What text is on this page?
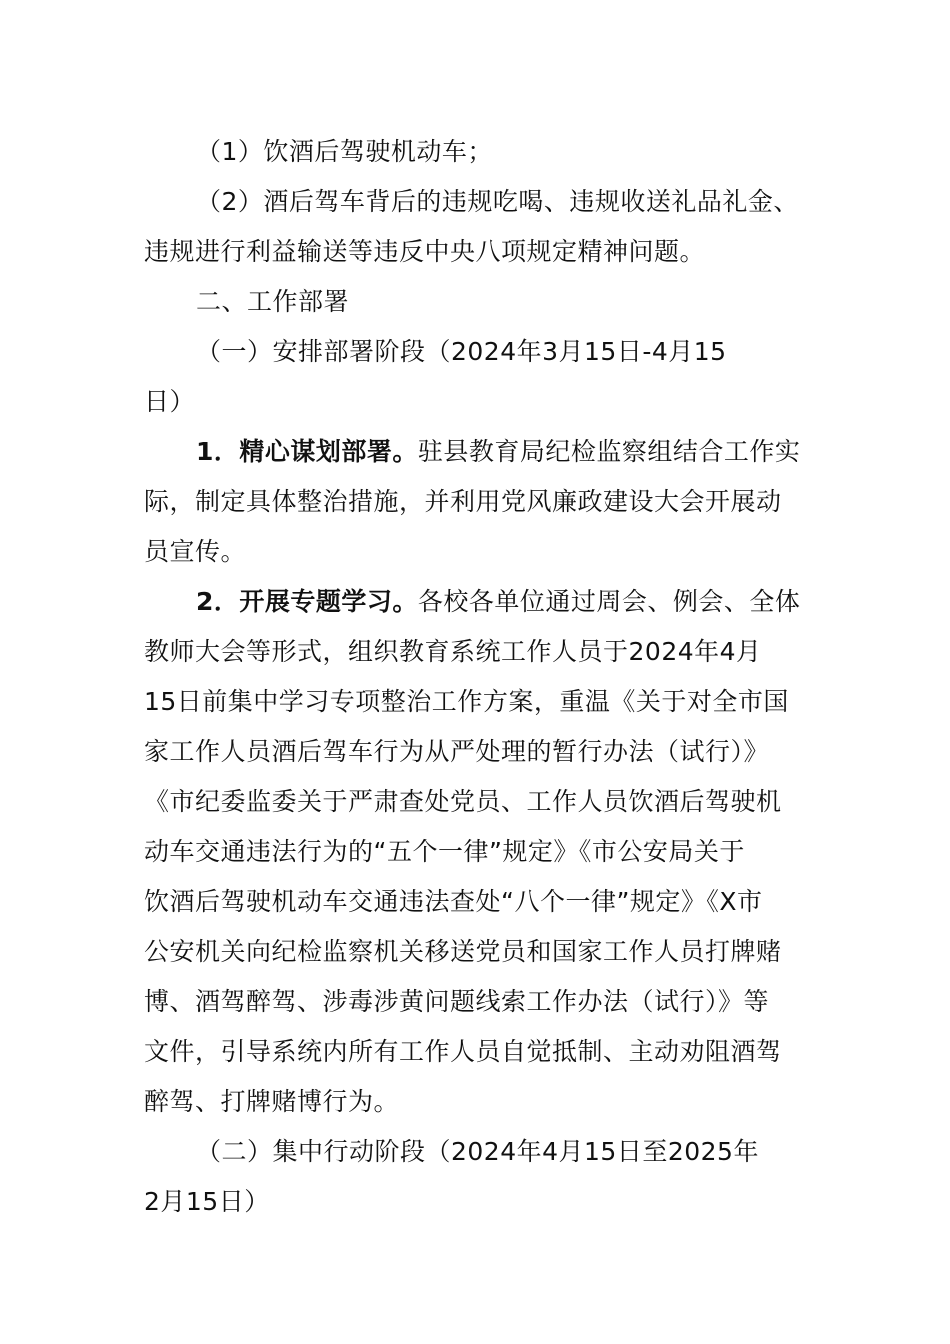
（1）饮酒后驾驶机动车；
（2）酒后驾车背后的违规吃喝、违规收送礼品礼金、
违规进行利益输送等违反中央八项规定精神问题。
二、工作部署
（一）安排部署阶段（2024年3月15日-4月15
日）
1．精心谋划部署。驻县教育局纪检监察组结合工作实
际，制定具体整治措施，并利用党风廉政建设大会开展动
员宣传。
2．开展专题学习。各校各单位通过周会、例会、全体
教师大会等形式，组织教育系统工作人员于2024年4月
15日前集中学习专项整治工作方案，重温《关于对全市国
家工作人员酒后驾车行为从严处理的暂行办法（试行）》
《市纪委监委关于严肃查处党员、工作人员饮酒后驾驶机
动车交通违法行为的“五个一律”规定》《市公安局关于
饮酒后驾驶机动车交通违法查处“八个一律”规定》《X市
公安机关向纪检监察机关移送党员和国家工作人员打牌赌
博、酒驾醉驾、涉毒涉黄问题线索工作办法（试行）》等
文件，引导系统内所有工作人员自觉抵制、主动劝阻酒驾
醉驾、打牌赌博行为。
（二）集中行动阶段（2024年4月15日至2025年
2月15日）
